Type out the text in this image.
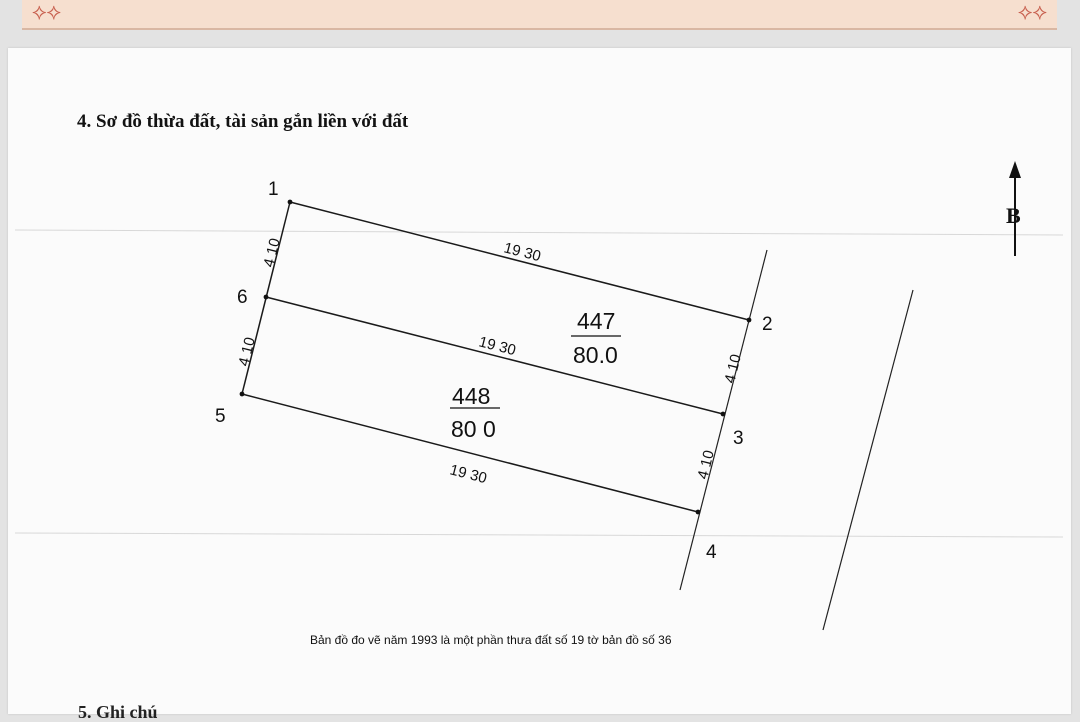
⟡⟡	⟡⟡
4. Sơ đồ thừa đất, tài sản gắn liền với đất
1
2
3
4
5
6
19 30
19 30
19 30
4 10
4 10
4 10
4 10
447
80.0
448
80 0
B

Bản đồ đo vẽ năm 1993 là một phần thưa đất số 19 tờ bản đồ số 36

5. Ghi chú
